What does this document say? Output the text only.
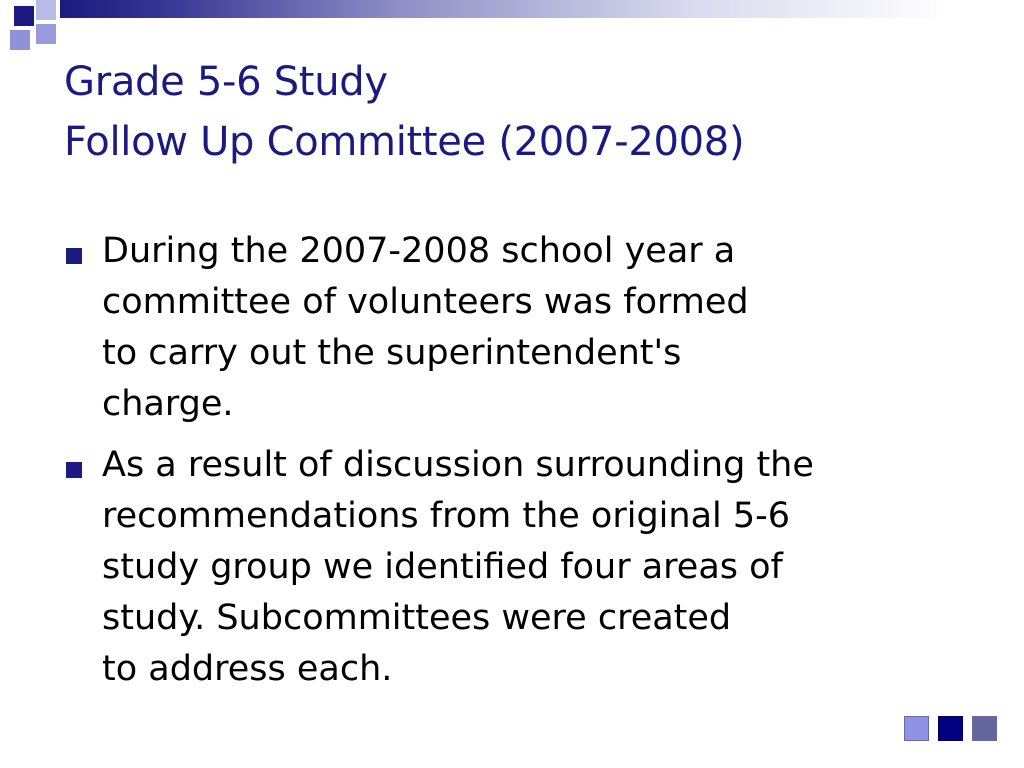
Grade 5-6 Study
Follow Up Committee (2007-2008)
During the 2007-2008 school year a
committee of volunteers was formed
to carry out the superintendent's
charge.
As a result of discussion surrounding the
recommendations from the original 5-6
study group we identified four areas of
study. Subcommittees were created
to address each.
